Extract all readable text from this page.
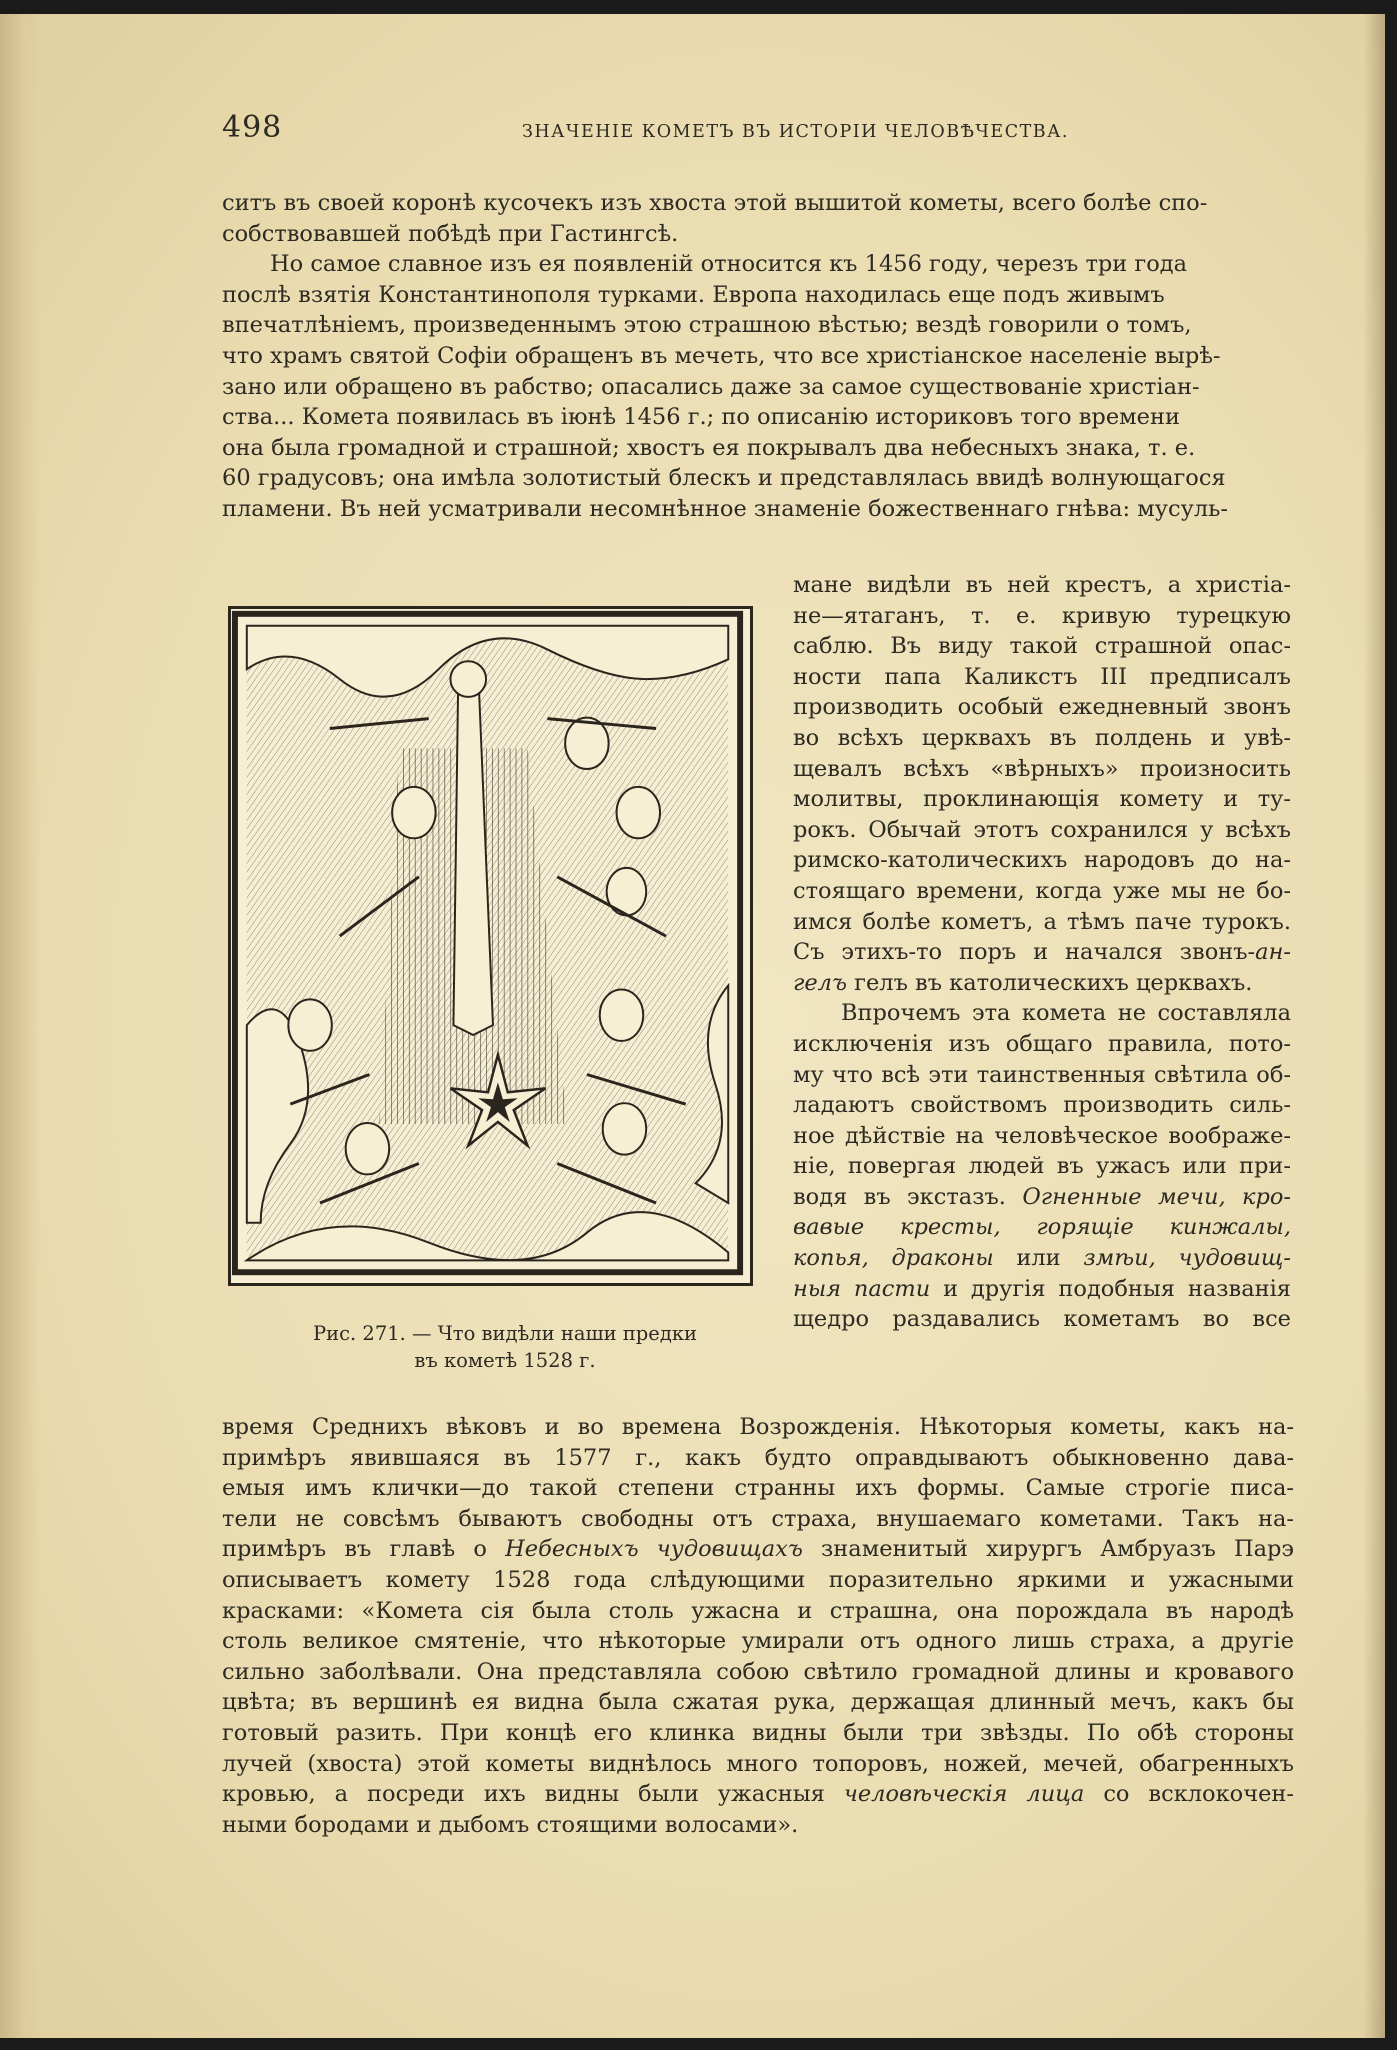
498	ЗНАЧЕНІЕ КОМЕТЪ ВЪ ИСТОРІИ ЧЕЛОВѢЧЕСТВА.
ситъ въ своей коронѣ кусочекъ изъ хвоста этой вышитой кометы, всего болѣе спо-
собствовавшей побѣдѣ при Гастингсѣ.
Но самое славное изъ ея появленій относится къ 1456 году, черезъ три года
послѣ взятія Константинополя турками. Европа находилась еще подъ живымъ
впечатлѣніемъ, произведеннымъ этою страшною вѣстью; вездѣ говорили о томъ,
что храмъ святой Софіи обращенъ въ мечеть, что все христіанское населеніе вырѣ-
зано или обращено въ рабство; опасались даже за самое существованіе христіан-
ства... Комета появилась въ іюнѣ 1456 г.; по описанію историковъ того времени
она была громадной и страшной; хвостъ ея покрывалъ два небесныхъ знака, т. е.
60 градусовъ; она имѣла золотистый блескъ и представлялась ввидѣ волнующагося
пламени. Въ ней усматривали несомнѣнное знаменіе божественнаго гнѣва: мусуль-
Рис. 271. — Что видѣли наши предки
въ кометѣ 1528 г.
мане видѣли въ ней крестъ, а христіа-
не—ятаганъ, т. е. кривую турецкую
саблю. Въ виду такой страшной опас-
ности папа Каликстъ III предписалъ
производить особый ежедневный звонъ
во всѣхъ церквахъ въ полдень и увѣ-
щевалъ всѣхъ «вѣрныхъ» произносить
молитвы, проклинающія комету и ту-
рокъ. Обычай этотъ сохранился у всѣхъ
римско-католическихъ народовъ до на-
стоящаго времени, когда уже мы не бо-
имся болѣе кометъ, а тѣмъ паче турокъ.
Съ этихъ-то поръ и начался звонъ-ан-
гелъ гелъ въ католическихъ церквахъ.
Впрочемъ эта комета не составляла
исключенія изъ общаго правила, пото-
му что всѣ эти таинственныя свѣтила об-
ладаютъ свойствомъ производить силь-
ное дѣйствіе на человѣческое воображе-
ніе, повергая людей въ ужасъ или при-
водя въ экстазъ. Огненные мечи, кро-
вавые кресты, горящіе кинжалы,
копья, драконы или змѣи, чудовищ-
ныя пасти и другія подобныя названія
щедро раздавались кометамъ во все
время Среднихъ вѣковъ и во времена Возрожденія. Нѣкоторыя кометы, какъ на-
примѣръ явившаяся въ 1577 г., какъ будто оправдываютъ обыкновенно дава-
емыя имъ клички—до такой степени странны ихъ формы. Самые строгіе писа-
тели не совсѣмъ бываютъ свободны отъ страха, внушаемаго кометами. Такъ на-
примѣръ въ главѣ о Небесныхъ чудовищахъ знаменитый хирургъ Амбруазъ Парэ
описываетъ комету 1528 года слѣдующими поразительно яркими и ужасными
красками: «Комета сія была столь ужасна и страшна, она порождала въ народѣ
столь великое смятеніе, что нѣкоторые умирали отъ одного лишь страха, а другіе
сильно заболѣвали. Она представляла собою свѣтило громадной длины и кровавого
цвѣта; въ вершинѣ ея видна была сжатая рука, держащая длинный мечъ, какъ бы
готовый разить. При концѣ его клинка видны были три звѣзды. По обѣ стороны
лучей (хвоста) этой кометы виднѣлось много топоровъ, ножей, мечей, обагренныхъ
кровью, а посреди ихъ видны были ужасныя человѣческія лица со всклокочен-
ными бородами и дыбомъ стоящими волосами».
